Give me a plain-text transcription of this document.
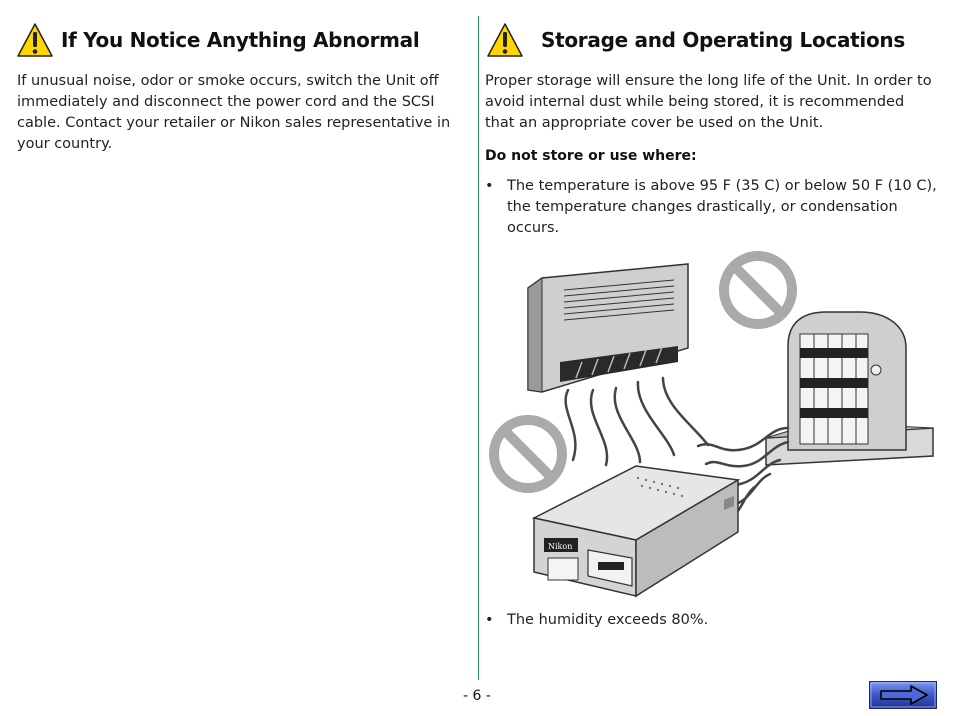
If You Notice Anything Abnormal

If unusual noise, odor or smoke occurs, switch the Unit off immediately and disconnect the power cord and the SCSI cable. Contact your retailer or Nikon sales representative in your country.

Storage and Operating Locations

Proper storage will ensure the long life of the Unit. In order to avoid internal dust while being stored, it is recommended that an appropriate cover be used on the Unit.

Do not store or use where:

• The temperature is above 95 F (35 C) or below 50 F (10 C), the temperature changes drastically, or condensation occurs.
Nikon
• The humidity exceeds 80%.
- 6 -
